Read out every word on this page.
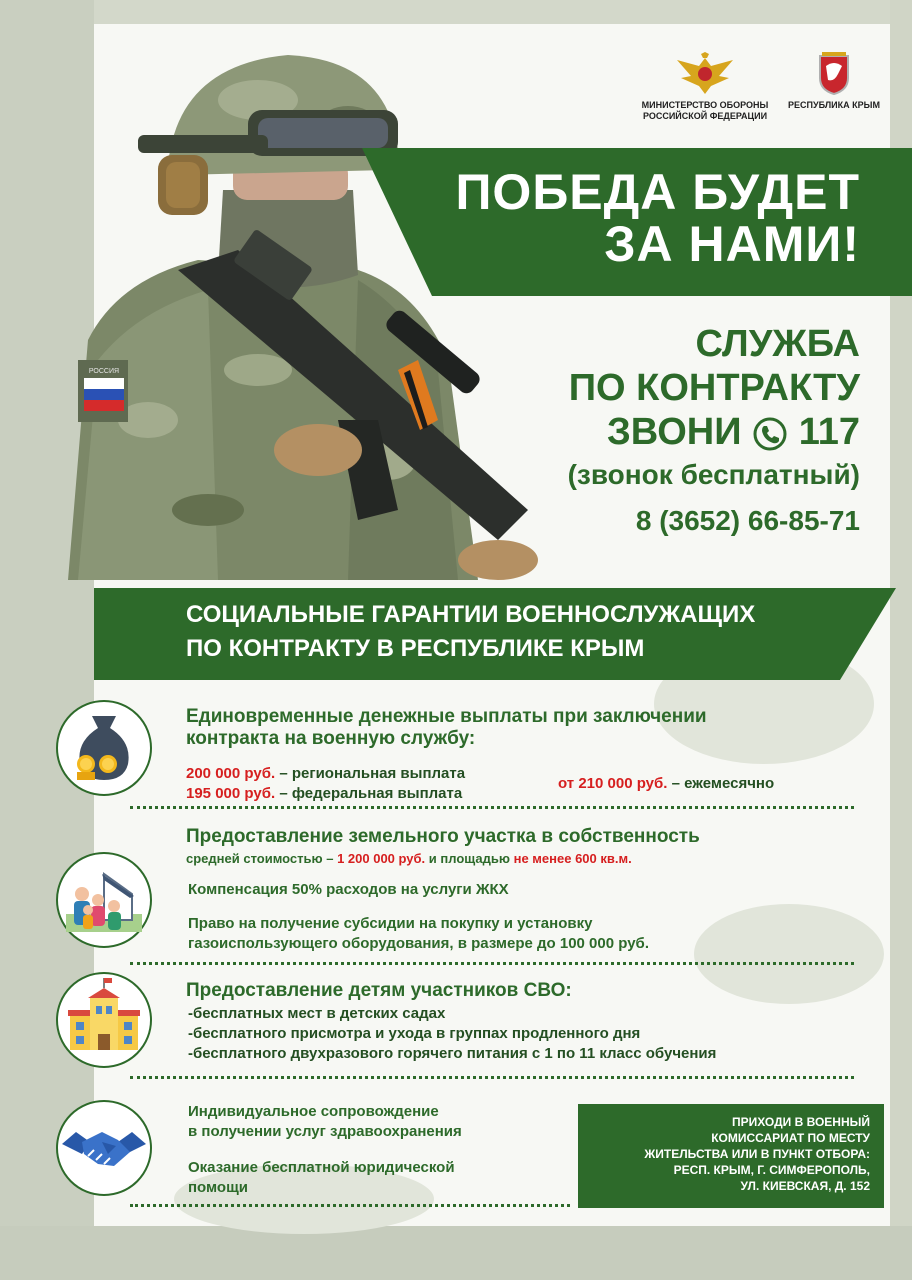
РОССИЯ
МИНИСТЕРСТВО ОБОРОНЫ РОССИЙСКОЙ ФЕДЕРАЦИИ
РЕСПУБЛИКА КРЫМ
ПОБЕДА БУДЕТ
ЗА НАМИ!
СЛУЖБА
ПО КОНТРАКТУ
ЗВОНИ 117
(звонок бесплатный)
8 (3652) 66-85-71
СОЦИАЛЬНЫЕ ГАРАНТИИ ВОЕННОСЛУЖАЩИХ
ПО КОНТРАКТУ В РЕСПУБЛИКЕ КРЫМ
Единовременные денежные выплаты при заключении
контракта на военную службу:
200 000 руб. – региональная выплата
195 000 руб. – федеральная выплата
от 210 000 руб. – ежемесячно
Предоставление земельного участка в собственность
средней стоимостью – 1 200 000 руб. и площадью не менее 600 кв.м.
Компенсация 50% расходов на услуги ЖКХ
Право на получение субсидии на покупку и установку
газоиспользующего оборудования, в размере до 100 000 руб.
Предоставление детям участников СВО:
-бесплатных мест в детских садах
-бесплатного присмотра и ухода в группах продленного дня
-бесплатного двухразового горячего питания с 1 по 11 класс обучения
Индивидуальное сопровождение
в получении услуг здравоохранения
Оказание бесплатной юридической
помощи
ПРИХОДИ В ВОЕННЫЙ
КОМИССАРИАТ ПО МЕСТУ
ЖИТЕЛЬСТВА ИЛИ В ПУНКТ ОТБОРА:
РЕСП. КРЫМ, Г. СИМФЕРОПОЛЬ,
УЛ. КИЕВСКАЯ, Д. 152
